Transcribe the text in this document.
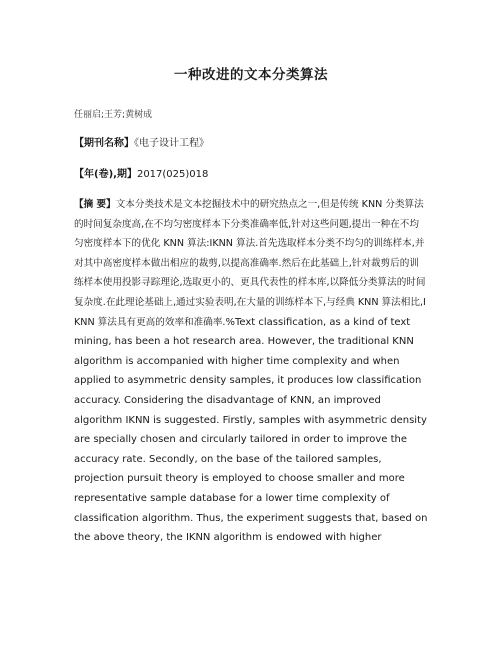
一种改进的文本分类算法
任丽启;王芳;黄树成
【期刊名称】《电子设计工程》
【年(卷),期】2017(025)018
【摘 要】文本分类技术是文本挖掘技术中的研究热点之一,但是传统 KNN 分类算法的时间复杂度高,在不均匀密度样本下分类准确率低,针对这些问题,提出一种在不均匀密度样本下的优化 KNN 算法:IKNN 算法.首先选取样本分类不均匀的训练样本,并对其中高密度样本做出相应的裁剪,以提高准确率.然后在此基础上,针对裁剪后的训练样本使用投影寻踪理论,选取更小的、更具代表性的样本库,以降低分类算法的时间复杂度.在此理论基础上,通过实验表明,在大量的训练样本下,与经典 KNN 算法相比,IKNN 算法具有更高的效率和准确率.%Text classification, as a kind of text mining, has been a hot research area. However, the traditional KNN algorithm is accompanied with higher time complexity and when applied to asymmetric density samples, it produces low classification accuracy. Considering the disadvantage of KNN, an improved algorithm IKNN is suggested. Firstly, samples with asymmetric density are specially chosen and circularly tailored in order to improve the accuracy rate. Secondly, on the base of the tailored samples, projection pursuit theory is employed to choose smaller and more representative sample database for a lower time complexity of classification algorithm. Thus, the experiment suggests that, based on the above theory, the IKNN algorithm is endowed with higher
